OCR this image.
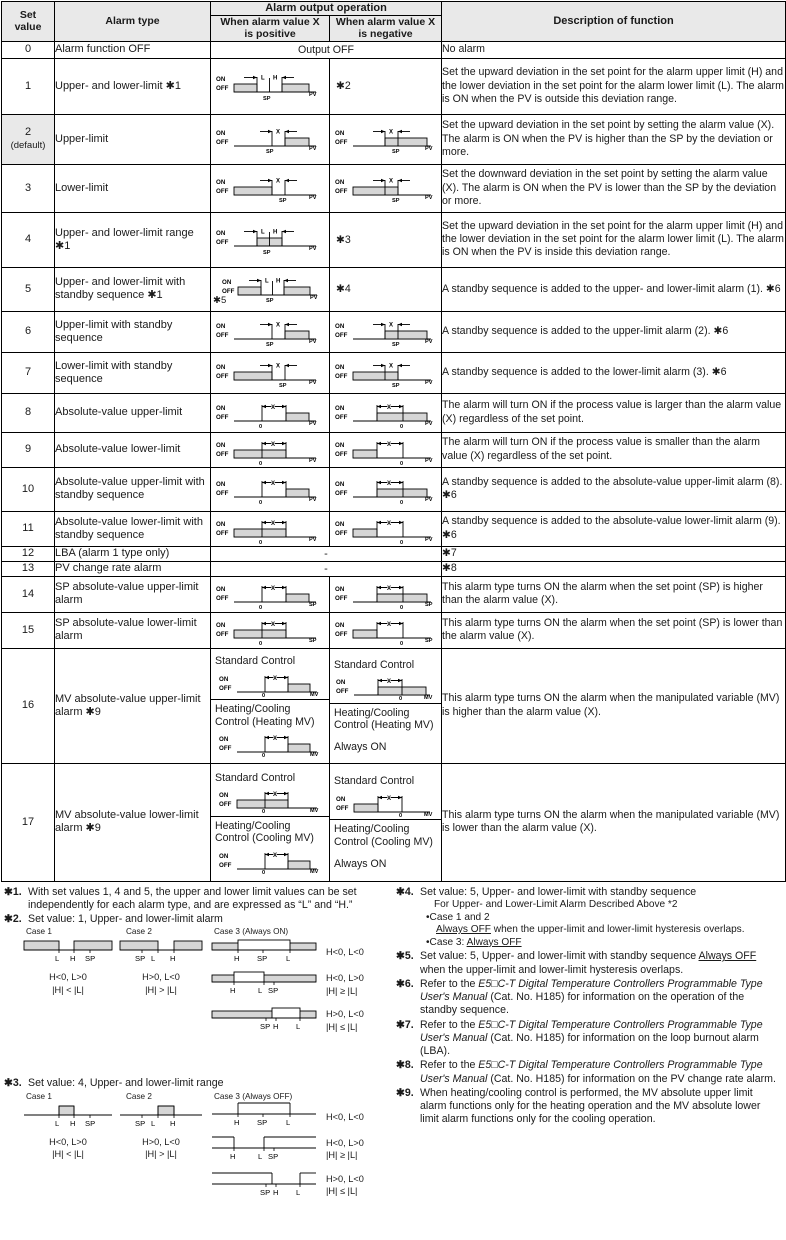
Set
value	Alarm type	Alarm output operation		Description of function
		When alarm value X
is positive	When alarm value X
is negative	
0	Alarm function OFF	Output OFF		No alarm
1	Upper- and lower-limit ✱1	ON
OFF
L H
SP
PV
	✱2	Set the upward deviation in the set point for the alarm upper limit (H) and the lower deviation in the set point for the alarm lower limit (L). The alarm is ON when the PV is outside this deviation range.
2
(default)	Upper-limit	ON
OFF
X
SP PV	ON
OFF
X
SP PV	Set the upward deviation in the set point by setting the alarm value (X). The alarm is ON when the PV is higher than the SP by the deviation or more.
3	Lower-limit	ON
OFF
X
SP PV	ON
OFF
X
SP PV	Set the downward deviation in the set point by setting the alarm value (X). The alarm is ON when the PV is lower than the SP by the deviation or more.
4	Upper- and lower-limit range ✱1	
ON
OFF
L H
SP
PV
	✱3	Set the upward deviation in the set point for the alarm upper limit (H) and the lower deviation in the set point for the alarm lower limit (L). The alarm is ON when the PV is inside this deviation range.
5	Upper- and lower-limit with standby sequence ✱1	✱5
ON
OFF
L H
SP	PV
	✱4	A standby sequence is added to the upper- and lower-limit alarm (1). ✱6
6	Upper-limit with standby sequence	ON
OFF
X
SP PV	ON
OFF
X
SP PV	A standby sequence is added to the upper-limit alarm (2). ✱6
7	Lower-limit with standby sequence	ON
OFF
X
SP PV	ON
OFF
X
SP PV	A standby sequence is added to the lower-limit alarm (3). ✱6
8	Absolute-value upper-limit	ON
OFF
X
0 PV	ON
OFF
X
0 PV	The alarm will turn ON if the process value is larger than the alarm value (X) regardless of the set point.
9	Absolute-value lower-limit	ON
OFF
X
0 PV	ON
OFF
X
0 PV	The alarm will turn ON if the process value is smaller than the alarm value (X) regardless of the set point.
10	Absolute-value upper-limit with standby sequence	ON
OFF
X
0 PV	ON
OFF
X
0 PV	A standby sequence is added to the absolute-value upper-limit alarm (8). ✱6
11	Absolute-value lower-limit with standby sequence	ON
OFF
X
0 PV	ON
OFF
X
0 PV	A standby sequence is added to the absolute-value lower-limit alarm (9). ✱6
12	LBA (alarm 1 type only)	-		✱7
13	PV change rate alarm	-		✱8
14	SP absolute-value upper-limit alarm	ON
OFF
X
0 SP	ON
OFF
X
0 SP	This alarm type turns ON the alarm when the set point (SP) is higher than the alarm value (X).
15	SP absolute-value lower-limit alarm	ON
OFF
X
0 SP	ON
OFF
X
0 SP	This alarm type turns ON the alarm when the set point (SP) is lower than the alarm value (X).
16	MV absolute-value upper-limit alarm ✱9	
Standard Control
ON
OFF
X
0	MV
Heating/Cooling Control (Heating MV)
ON
OFF
X
0	MV

Standard Control
ON
OFF
X
0	MV
Heating/Cooling Control (Heating MV)
Always ON
	This alarm type turns ON the alarm when the manipulated variable (MV) is higher than the alarm value (X).
17	MV absolute-value lower-limit alarm ✱9	
Standard Control
ON
OFF
X
0	MV
Heating/Cooling Control (Cooling MV)
ON
OFF
X
0	MV

Standard Control
ON
OFF
X
0	MV
Heating/Cooling Control (Cooling MV)
Always ON
	This alarm type turns ON the alarm when the manipulated variable (MV) is lower than the alarm value (X).
✱1. With set values 1, 4 and 5, the upper and lower limit values can be set independently for each alarm type, and are expressed as “L” and “H.”
✱2. Set value: 1, Upper- and lower-limit alarm
Case 1	Case 2	Case 3 (Always ON)
L H SP
H<0, L>0
|H| < |L|
SP L H
H>0, L<0
|H| > |L|
H SP L
H<0, L<0
H	L SP
H<0, L>0
|H| ≥ |L|
SP H L
H>0, L<0
|H| ≤ |L|
✱3. Set value: 4, Upper- and lower-limit range
Case 1	Case 2	Case 3 (Always OFF)
L H SP
H<0, L>0
|H| < |L|
SP L H
H>0, L<0
|H| > |L|
H SP L
H<0, L<0
H	L SP
H<0, L>0
|H| ≥ |L|
SP H L
H>0, L<0
|H| ≤ |L|
✱4. Set value: 5, Upper- and lower-limit with standby sequence
For Upper- and Lower-Limit Alarm Described Above *2
• Case 1 and 2
Always OFF when the upper-limit and lower-limit hysteresis overlaps.
• Case 3: Always OFF
✱5. Set value: 5, Upper- and lower-limit with standby sequence Always OFF when the upper-limit and lower-limit hysteresis overlaps.
✱6. Refer to the E5□C-T Digital Temperature Controllers Programmable Type User's Manual (Cat. No. H185) for information on the operation of the standby sequence.
✱7. Refer to the E5□C-T Digital Temperature Controllers Programmable Type User's Manual (Cat. No. H185) for information on the loop burnout alarm (LBA).
✱8. Refer to the E5□C-T Digital Temperature Controllers Programmable Type User's Manual (Cat. No. H185) for information on the PV change rate alarm.
✱9. When heating/cooling control is performed, the MV absolute upper limit alarm functions only for the heating operation and the MV absolute lower limit alarm functions only for the cooling operation.
